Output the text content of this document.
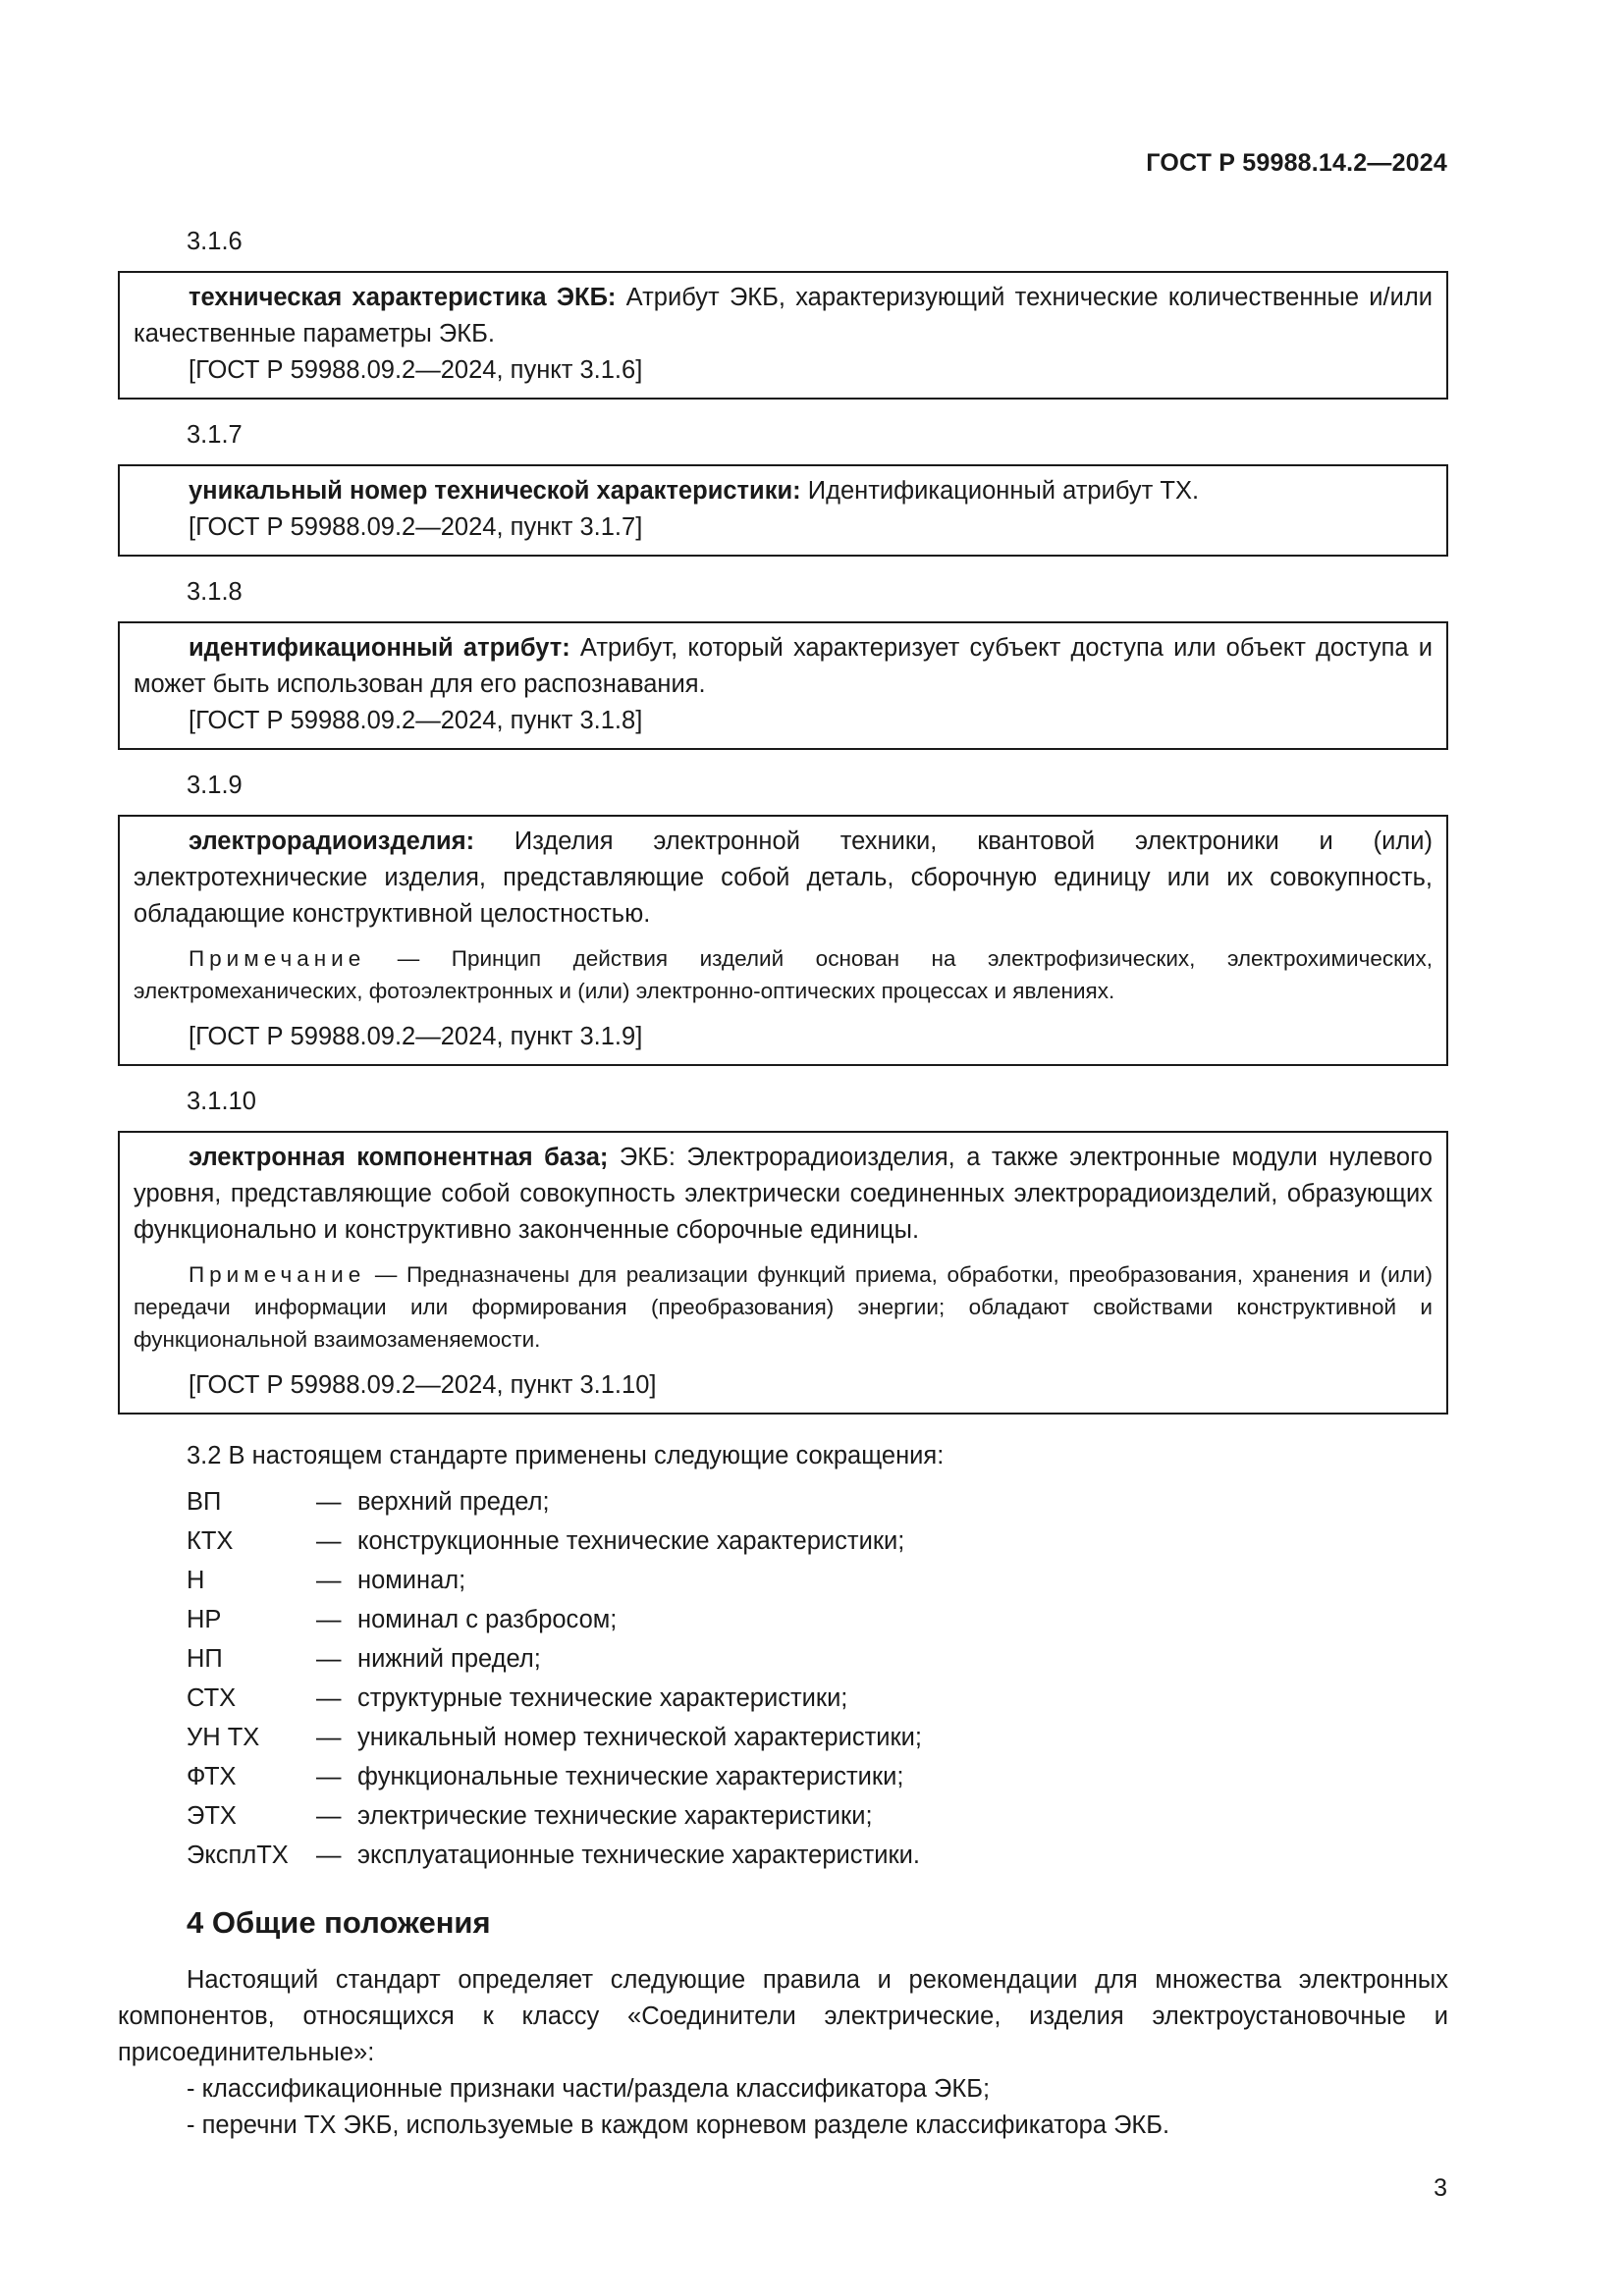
ГОСТ Р 59988.14.2—2024
3.1.6

техническая характеристика ЭКБ: Атрибут ЭКБ, характеризующий технические количественные и/или качественные параметры ЭКБ.

[ГОСТ Р 59988.09.2—2024, пункт 3.1.6]

3.1.7

уникальный номер технической характеристики: Идентификационный атрибут ТХ.

[ГОСТ Р 59988.09.2—2024, пункт 3.1.7]

3.1.8

идентификационный атрибут: Атрибут, который характеризует субъект доступа или объект доступа и может быть использован для его распознавания.

[ГОСТ Р 59988.09.2—2024, пункт 3.1.8]

3.1.9

электрорадиоизделия: Изделия электронной техники, квантовой электроники и (или) электротехнические изделия, представляющие собой деталь, сборочную единицу или их совокупность, обладающие конструктивной целостностью.

Примечание — Принцип действия изделий основан на электрофизических, электрохимических, электромеханических, фотоэлектронных и (или) электронно-оптических процессах и явлениях.

[ГОСТ Р 59988.09.2—2024, пункт 3.1.9]

3.1.10

электронная компонентная база; ЭКБ: Электрорадиоизделия, а также электронные модули нулевого уровня, представляющие собой совокупность электрически соединенных электрорадиоизделий, образующих функционально и конструктивно законченные сборочные единицы.

Примечание — Предназначены для реализации функций приема, обработки, преобразования, хранения и (или) передачи информации или формирования (преобразования) энергии; обладают свойствами конструктивной и функциональной взаимозаменяемости.

[ГОСТ Р 59988.09.2—2024, пункт 3.1.10]

3.2 В настоящем стандарте применены следующие сокращения:
ВП	— верхний предел;
КТХ	— конструкционные технические характеристики;
Н	— номинал;
НР	— номинал с разбросом;
НП	— нижний предел;
СТХ	— структурные технические характеристики;
УН ТХ	— уникальный номер технической характеристики;
ФТХ	— функциональные технические характеристики;
ЭТХ	— электрические технические характеристики;
ЭксплТХ	— эксплуатационные технические характеристики.
4 Общие положения

Настоящий стандарт определяет следующие правила и рекомендации для множества электронных компонентов, относящихся к классу «Соединители электрические, изделия электроустановочные и присоединительные»:

- классификационные признаки части/раздела классификатора ЭКБ;

- перечни ТХ ЭКБ, используемые в каждом корневом разделе классификатора ЭКБ.

3
